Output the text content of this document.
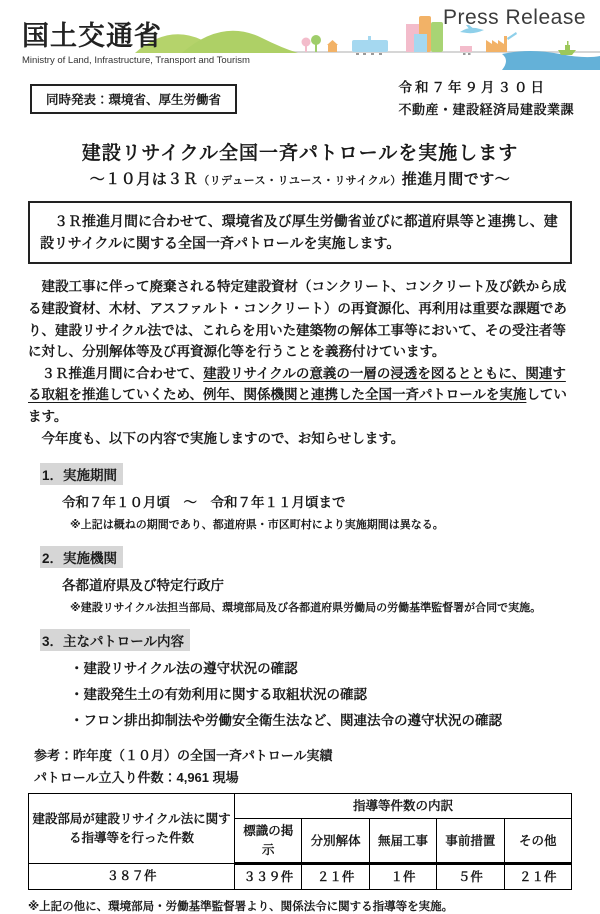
Press Release
国土交通省
Ministry of Land, Infrastructure, Transport and Tourism
同時発表：環境省、厚生労働省
令和７年９月３０日
不動産・建設経済局建設業課
建設リサイクル全国一斉パトロールを実施します
～１０月は３Ｒ（リデュース・リユース・リサイクル）推進月間です～
　３Ｒ推進月間に合わせて、環境省及び厚生労働省並びに都道府県等と連携し、建設リサイクルに関する全国一斉パトロールを実施します。

　建設工事に伴って廃棄される特定建設資材（コンクリート、コンクリート及び鉄から成る建設資材、木材、アスファルト・コンクリート）の再資源化、再利用は重要な課題であり、建設リサイクル法では、これらを用いた建築物の解体工事等において、その受注者等に対し、分別解体等及び再資源化等を行うことを義務付けています。

　３Ｒ推進月間に合わせて、建設リサイクルの意義の一層の浸透を図るとともに、関連する取組を推進していくため、例年、関係機関と連携した全国一斉パトロールを実施しています。

　今年度も、以下の内容で実施しますので、お知らせします。

1．実施期間
令和７年１０月頃　～　令和７年１１月頃まで
※上記は概ねの期間であり、都道府県・市区町村により実施期間は異なる。
2．実施機関
各都道府県及び特定行政庁
※建設リサイクル法担当部局、環境部局及び各都道府県労働局の労働基準監督署が合同で実施。
3．主なパトロール内容
・建設リサイクル法の遵守状況の確認
・建設発生土の有効利用に関する取組状況の確認
・フロン排出抑制法や労働安全衛生法など、関連法令の遵守状況の確認
参考：昨年度（１０月）の全国一斉パトロール実績
パトロール立入り件数：4,961 現場
建設部局が建設リサイクル法に関する指導等を行った件数	指導等件数の内訳				
	標識の掲示	分別解体	無届工事	事前措置	その他
３８７件	３３９件	２１件	１件	５件	２１件
※上記の他に、環境部局・労働基準監督署より、関係法令に関する指導等を実施。
